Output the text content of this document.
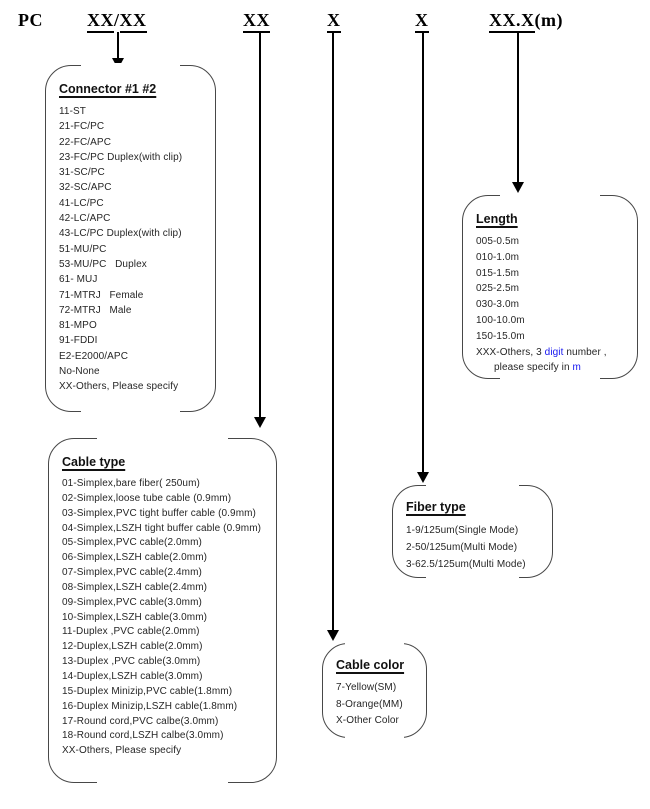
PC XX/XX	XX	X	X	XX.X(m)
Connector #1 #2
11-ST
21-FC/PC
22-FC/APC
23-FC/PC Duplex(with clip)
31-SC/PC
32-SC/APC
41-LC/PC
42-LC/APC
43-LC/PC Duplex(with clip)
51-MU/PC
53-MU/PC   Duplex
61- MUJ
71-MTRJ   Female
72-MTRJ   Male
81-MPO
91-FDDI
E2-E2000/APC
No-None
XX-Others, Please specify
Cable type
01-Simplex,bare fiber( 250um)
02-Simplex,loose tube cable (0.9mm)
03-Simplex,PVC tight buffer cable (0.9mm)
04-Simplex,LSZH tight buffer cable (0.9mm)
05-Simplex,PVC cable(2.0mm)
06-Simplex,LSZH cable(2.0mm)
07-Simplex,PVC cable(2.4mm)
08-Simplex,LSZH cable(2.4mm)
09-Simplex,PVC cable(3.0mm)
10-Simplex,LSZH cable(3.0mm)
11-Duplex ,PVC cable(2.0mm)
12-Duplex,LSZH cable(2.0mm)
13-Duplex ,PVC cable(3.0mm)
14-Duplex,LSZH cable(3.0mm)
15-Duplex Minizip,PVC cable(1.8mm)
16-Duplex Minizip,LSZH cable(1.8mm)
17-Round cord,PVC calbe(3.0mm)
18-Round cord,LSZH calbe(3.0mm)
XX-Others, Please specify
Length
005-0.5m
010-1.0m
015-1.5m
025-2.5m
030-3.0m
100-10.0m
150-15.0m
XXX-Others, 3 digit number ,
please specify in m
Fiber type
1-9/125um(Single Mode)
2-50/125um(Multi Mode)
3-62.5/125um(Multi Mode)
Cable color
7-Yellow(SM)
8-Orange(MM)
X-Other Color
